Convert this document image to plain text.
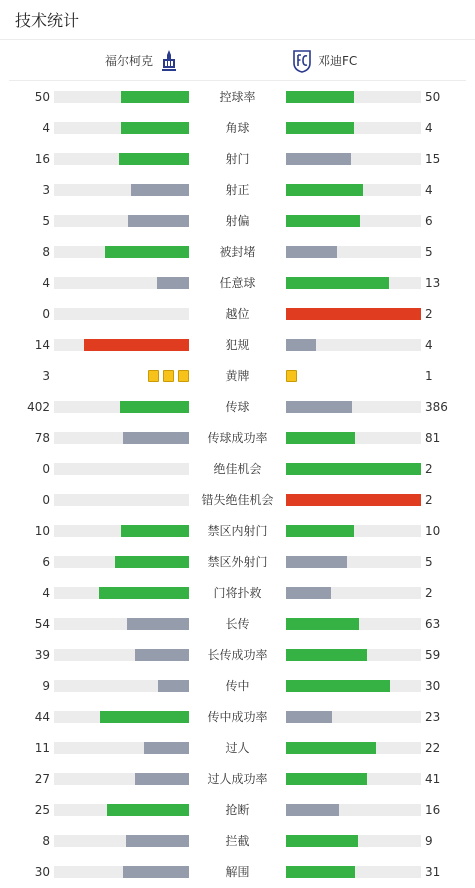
技术统计
福尔柯克	邓迪FC
50	控球率	50
4	角球	4
16	射门	15
3	射正	4
5	射偏	6
8	被封堵	5
4	任意球	13
0	越位	2
14	犯规	4
3	黄牌	1
402	传球	386
78	传球成功率	81
0	绝佳机会	2
0	错失绝佳机会	2
10	禁区内射门	10
6	禁区外射门	5
4	门将扑救	2
54	长传	63
39	长传成功率	59
9	传中	30
44	传中成功率	23
11	过人	22
27	过人成功率	41
25	抢断	16
8	拦截	9
30	解围	31
